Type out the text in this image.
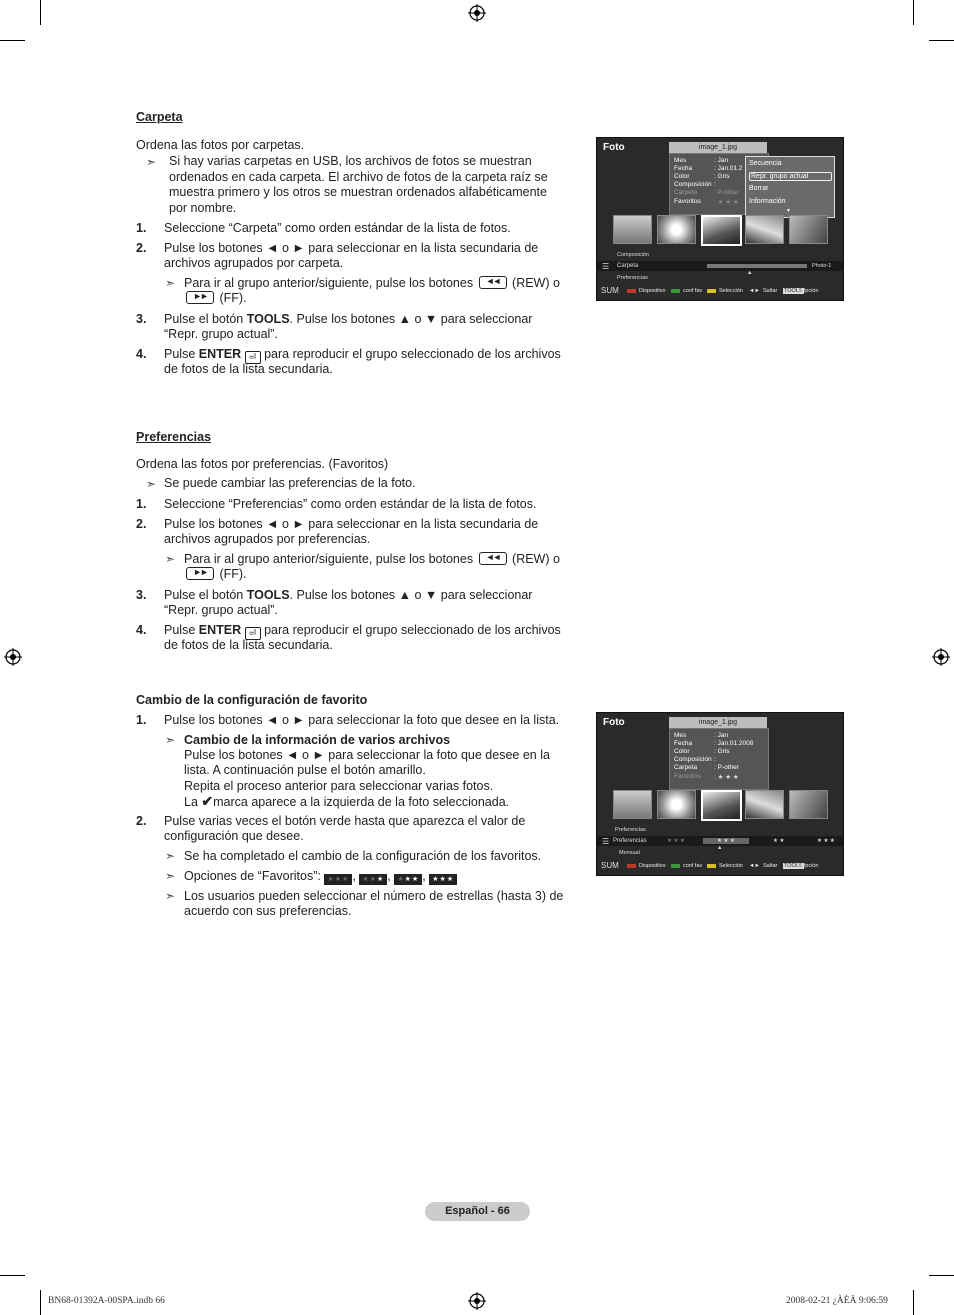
Carpeta
Ordena las fotos por carpetas.
➣ Si hay varias carpetas en USB, los archivos de fotos se muestran
ordenados en cada carpeta. El archivo de fotos de la carpeta raíz se
muestra primero y los otros se muestran ordenados alfabéticamente
por nombre.
1. Seleccione “Carpeta” como orden estándar de la lista de fotos.
2. Pulse los botones ◄ o ► para seleccionar en la lista secundaria de
archivos agrupados por carpeta.
➣ Para ir al grupo anterior/siguiente, pulse los botones	◄◄	(REW) o
►►	(FF).
3. Pulse el botón TOOLS. Pulse los botones ▲ o ▼ para seleccionar
“Repr. grupo actual”.
4. Pulse ENTER ⏎ para reproducir el grupo seleccionado de los archivos
de fotos de la lista secundaria.
Preferencias
Ordena las fotos por preferencias. (Favoritos)
➣ Se puede cambiar las preferencias de la foto.
1. Seleccione “Preferencias” como orden estándar de la lista de fotos.
2. Pulse los botones ◄ o ► para seleccionar en la lista secundaria de
archivos agrupados por preferencias.
➣ Para ir al grupo anterior/siguiente, pulse los botones	◄◄	(REW) o
►►	(FF).
3. Pulse el botón TOOLS. Pulse los botones ▲ o ▼ para seleccionar
“Repr. grupo actual”.
4. Pulse ENTER ⏎ para reproducir el grupo seleccionado de los archivos
de fotos de la lista secundaria.
Cambio de la configuración de favorito
1. Pulse los botones ◄ o ► para seleccionar la foto que desee en la lista.
➣ Cambio de la información de varios archivos
Pulse los botones ◄ o ► para seleccionar la foto que desee en la
lista. A continuación pulse el botón amarillo.
Repita el proceso anterior para seleccionar varias fotos.
La ✔marca aparece a la izquierda de la foto seleccionada.
2. Pulse varias veces el botón verde hasta que aparezca el valor de
configuración que desee.
➣ Se ha completado el cambio de la configuración de los favoritos.
➣ Opciones de “Favoritos”: ★★★ , ★★★ , ★★★ , ★★★
➣ Los usuarios pueden seleccionar el número de estrellas (hasta 3) de
acuerdo con sus preferencias.
Foto	image_1.jpg
Mes	: Jan
Fecha	: Jan.01.2
Color	: Gris
Composición :
Carpeta	: P-other
Favoritos : ★ ★ ★
Secuencia
Repr. grupo actual
Borrar
Información
▼
Composición
☰ Carpeta	Photo-1
▲
Preferencias
SUM	Dispositivo	conf fav	Selección ◄► Saltar TOOLS
Opción
Foto	image_1.jpg
Mes	: Jan
Fecha	: Jan.01.2008
Color	: Gris
Composición :
Carpeta	: P-other
Favoritos : ★ ★ ★
Preferencias
☰ Preferencias	★ ★ ★	★ ★ ★	★ ★	★ ★ ★
▲
Mensual
SUM	Dispositivo	conf fav	Selección ◄► Saltar TOOLS
Opción
Español - 66
BN68-01392A-00SPA.indb 66	2008-02-21 ¿ÀÈÄ 9:06:59
